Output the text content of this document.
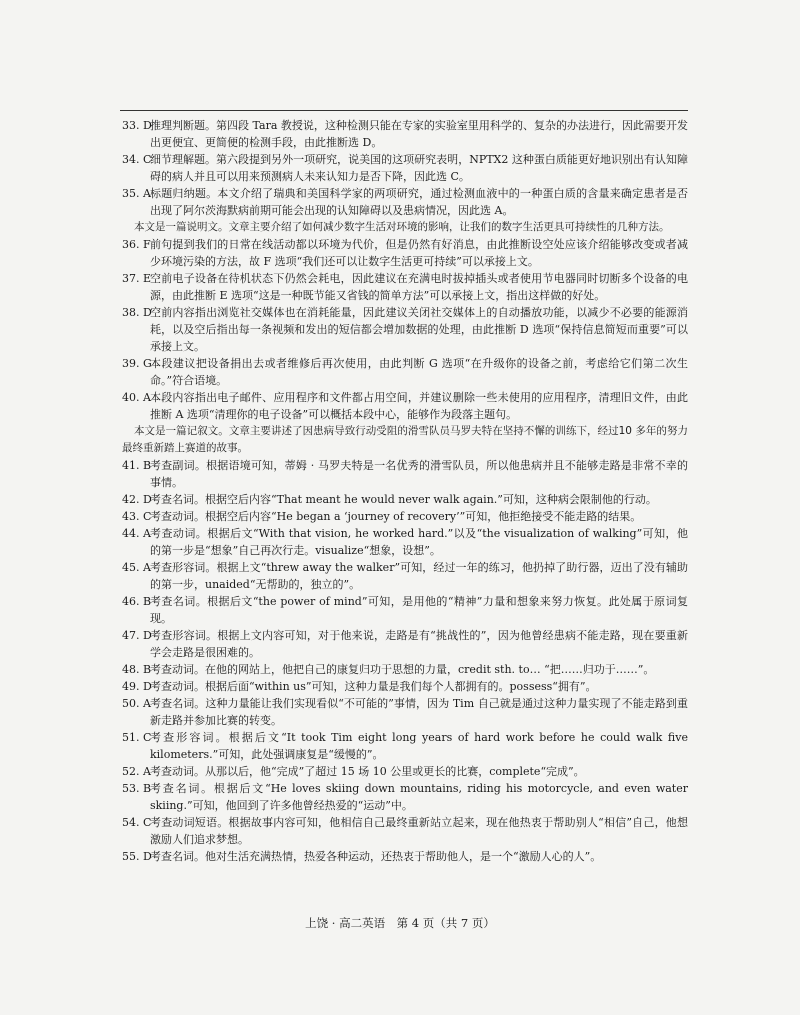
33. D
推理判断题。第四段 Tara 教授说，这种检测只能在专家的实验室里用科学的、复杂的办法进行，因此需要开发出更便宜、更简便的检测手段，由此推断选 D。
34. C
细节理解题。第六段提到另外一项研究，说美国的这项研究表明，NPTX2 这种蛋白质能更好地识别出有认知障碍的病人并且可以用来预测病人未来认知力是否下降，因此选 C。
35. A 标题归纳题。本文介绍了瑞典和美国科学家的两项研究，通过检测血液中的一种蛋白质的含量来确定患者是否出现了阿尔茨海默病前期可能会出现的认知障碍以及患病情况，因此选 A。
本文是一篇说明文。文章主要介绍了如何减少数字生活对环境的影响，让我们的数字生活更具可持续性的几种方法。
36. F 前句提到我们的日常在线活动都以环境为代价，但是仍然有好消息，由此推断设空处应该介绍能够改变或者减少环境污染的方法，故 F 选项“我们还可以让数字生活更可持续”可以承接上文。
37. E
空前电子设备在待机状态下仍然会耗电，因此建议在充满电时拔掉插头或者使用节电器同时切断多个设备的电源，由此推断 E 选项“这是一种既节能又省钱的简单方法”可以承接上文，指出这样做的好处。
38. D
空前内容指出浏览社交媒体也在消耗能量，因此建议关闭社交媒体上的自动播放功能，以减少不必要的能源消耗，以及空后指出每一条视频和发出的短信都会增加数据的处理，由此推断 D 选项“保持信息简短而重要”可以承接上文。
39. G
本段建议把设备捐出去或者维修后再次使用，由此判断 G 选项“在升级你的设备之前，考虑给它们第二次生命。”符合语境。
40. A 本段内容指出电子邮件、应用程序和文件都占用空间，并建议删除一些未使用的应用程序，清理旧文件，由此推断 A 选项“清理你的电子设备”可以概括本段中心，能够作为段落主题句。
本文是一篇记叙文。文章主要讲述了因患病导致行动受阻的滑雪队员马罗夫特在坚持不懈的训练下，经过10 多年的努力最终重新踏上赛道的故事。
41. B
考查副词。根据语境可知，蒂姆 · 马罗夫特是一名优秀的滑雪队员，所以他患病并且不能够走路是非常不幸的事情。
42. D
考查名词。根据空后内容“That meant he would never walk again.”可知，这种病会限制他的行动。
43. C
考查动词。根据空后内容“He began a ‘journey of recovery’”可知，他拒绝接受不能走路的结果。
44. A 考查动词。根据后文“With that vision, he worked hard.”以及“the visualization of walking”可知，他的第一步是“想象”自己再次行走。visualize“想象，设想”。
45. A 考查形容词。根据上文“threw away the walker”可知，经过一年的练习，他扔掉了助行器，迈出了没有辅助的第一步，unaided“无帮助的，独立的”。
46. B
考查名词。根据后文“the power of mind”可知，是用他的“精神”力量和想象来努力恢复。此处属于原词复现。
47. D
考查形容词。根据上文内容可知，对于他来说，走路是有“挑战性的”，因为他曾经患病不能走路，现在要重新学会走路是很困难的。
48. B
考查动词。在他的网站上，他把自己的康复归功于思想的力量，credit sth. to… “把……归功于……”。
49. D
考查动词。根据后面“within us”可知，这种力量是我们每个人都拥有的。possess“拥有”。
50. A 考查名词。这种力量能让我们实现看似“不可能的”事情，因为 Tim 自己就是通过这种力量实现了不能走路到重新走路并参加比赛的转变。
51. C
考查形容词。根据后文“It took Tim eight long years of hard work before he could walk five kilometers.”可知，此处强调康复是“缓慢的”。
52. A 考查动词。从那以后，他“完成”了超过 15 场 10 公里或更长的比赛，complete“完成”。
53. B
考查名词。根据后文“He loves skiing down mountains, riding his motorcycle, and even water skiing.”可知，他回到了许多他曾经热爱的“运动”中。
54. C
考查动词短语。根据故事内容可知，他相信自己最终重新站立起来，现在他热衷于帮助别人“相信”自己，他想激励人们追求梦想。
55. D
考查名词。他对生活充满热情，热爱各种运动，还热衷于帮助他人，是一个“激励人心的人”。
上饶 · 高二英语　第 4 页（共 7 页）
